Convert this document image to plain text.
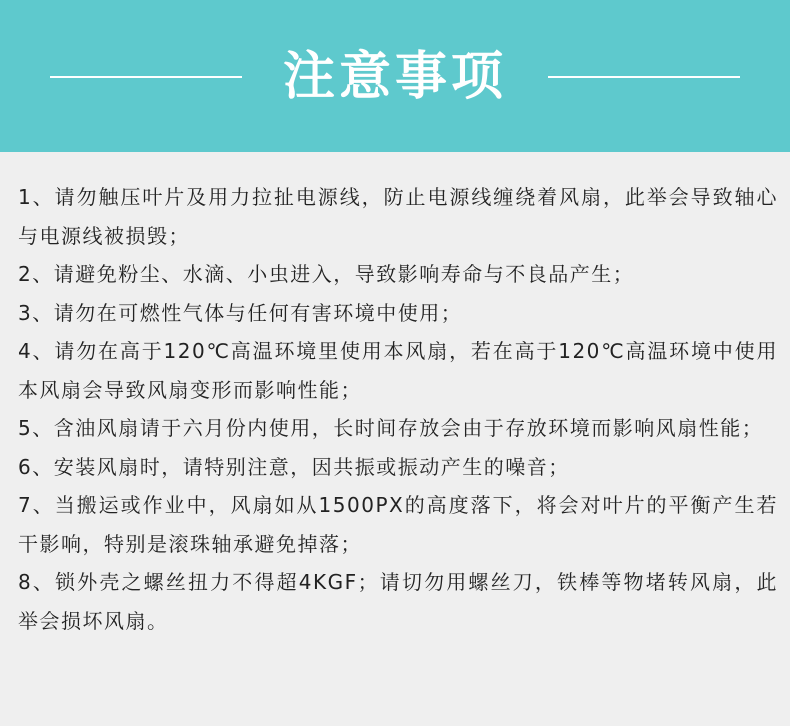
注意事项

1、请勿触压叶片及用力拉扯电源线，防止电源线缠绕着风扇，此举会导致轴心与电源线被损毁；

2、请避免粉尘、水滴、小虫进入，导致影响寿命与不良品产生；

3、请勿在可燃性气体与任何有害环境中使用；

4、请勿在高于120℃高温环境里使用本风扇，若在高于120℃高温环境中使用本风扇会导致风扇变形而影响性能；

5、含油风扇请于六月份内使用，长时间存放会由于存放环境而影响风扇性能；

6、安装风扇时，请特别注意，因共振或振动产生的噪音；

7、当搬运或作业中，风扇如从1500PX的高度落下，将会对叶片的平衡产生若干影响，特别是滚珠轴承避免掉落；

8、锁外壳之螺丝扭力不得超4KGF；请切勿用螺丝刀，铁棒等物堵转风扇，此举会损坏风扇。
